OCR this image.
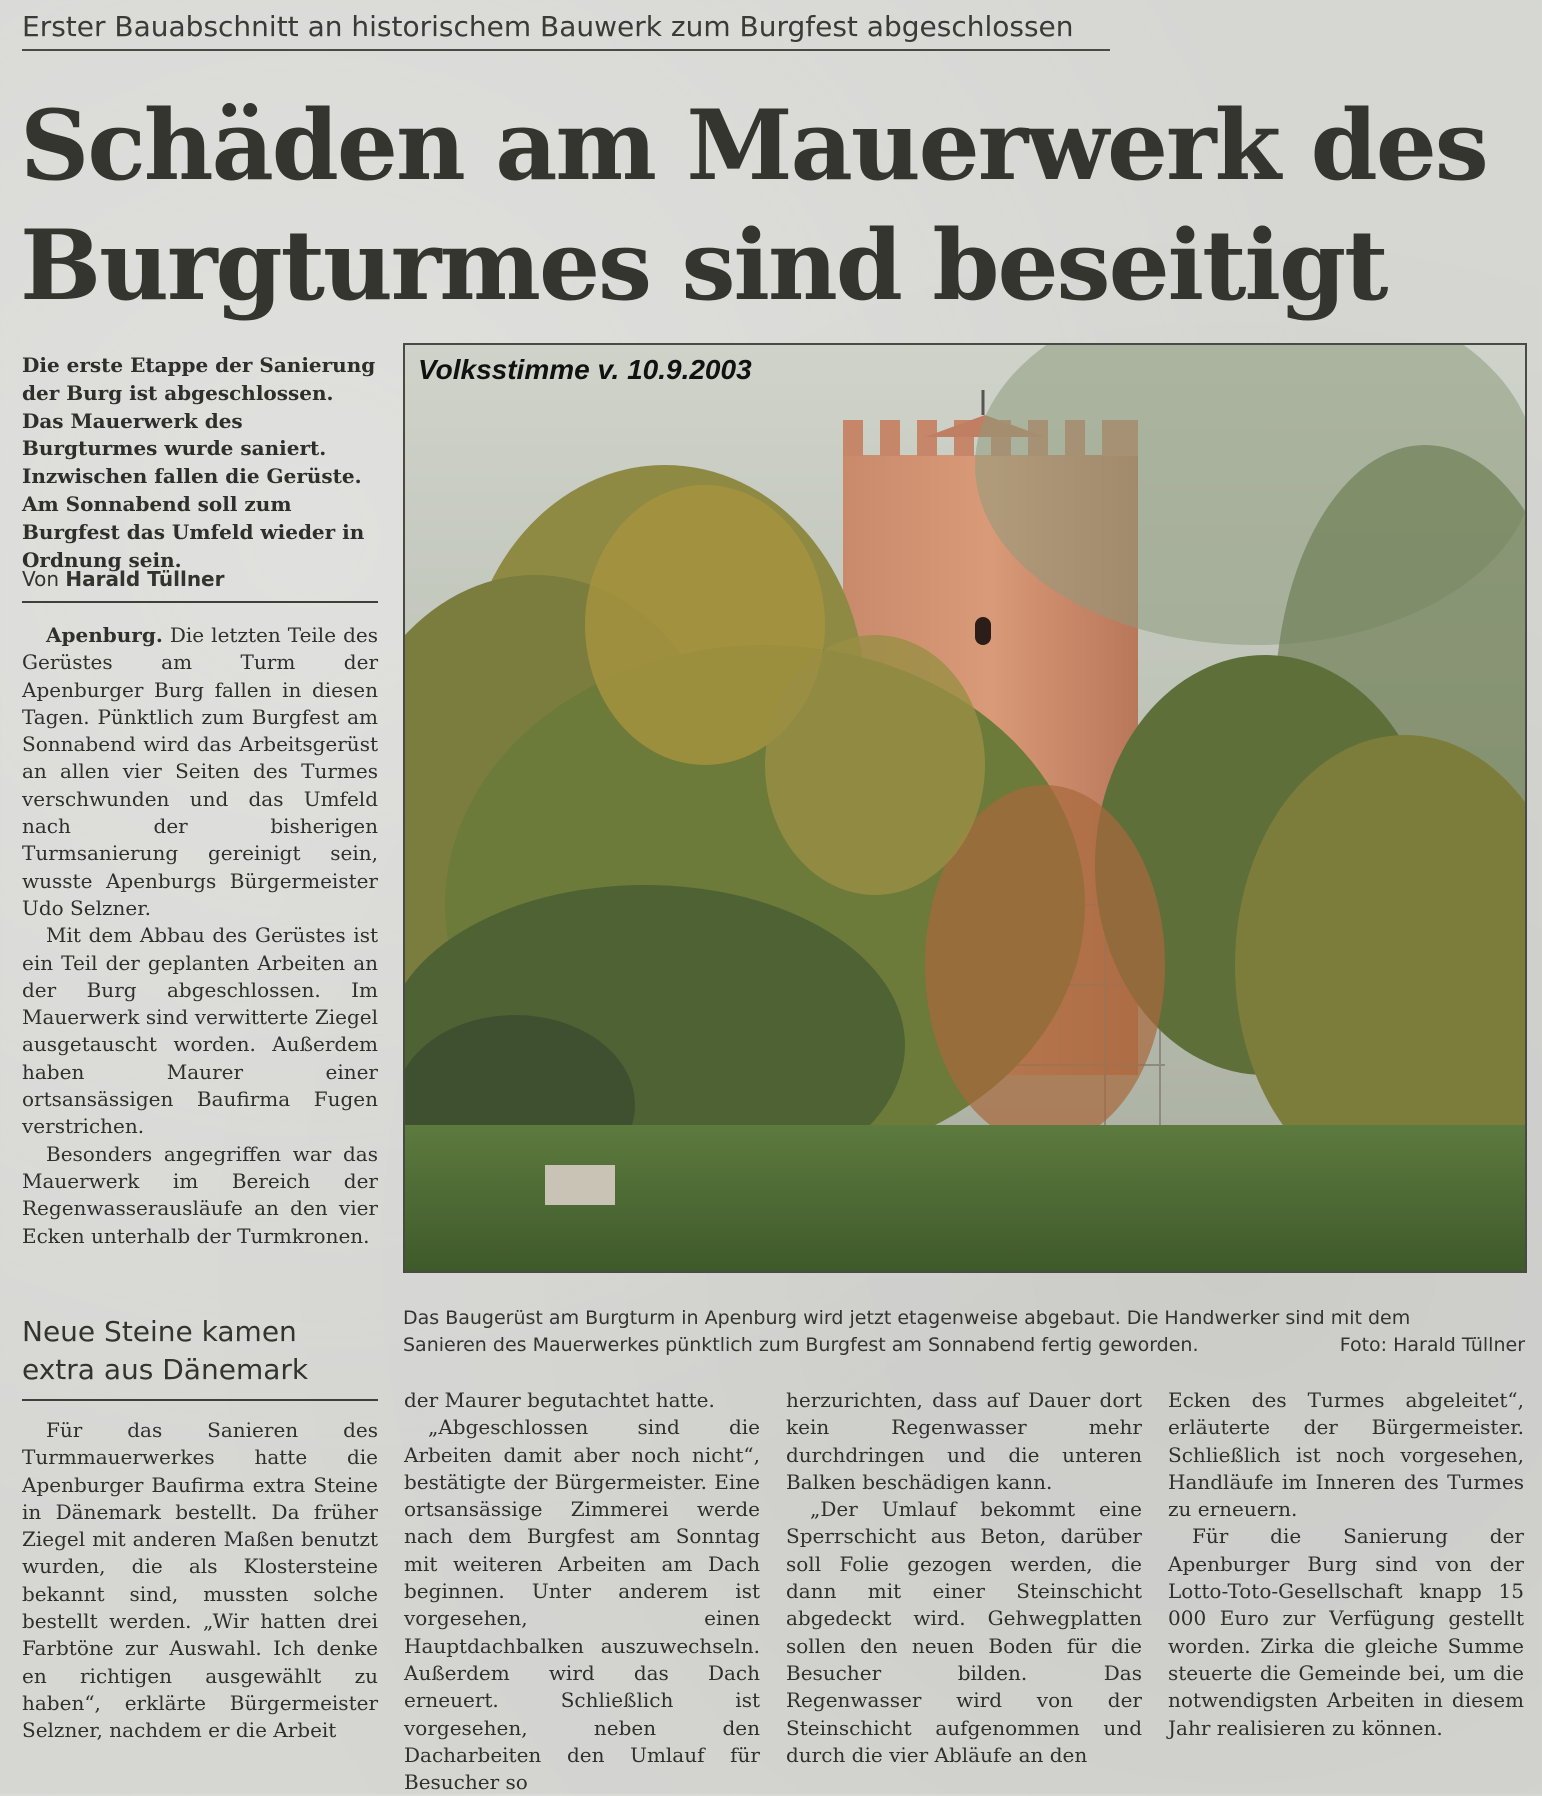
Erster Bauabschnitt an historischem Bauwerk zum Burgfest abgeschlossen
Schäden am Mauerwerk des
Burgturmes sind beseitigt
Die erste Etappe der Sanierung der Burg ist abgeschlossen. Das Mauerwerk des Burgturmes wurde saniert. Inzwischen fallen die Gerüste. Am Sonnabend soll zum Burgfest das Umfeld wieder in Ordnung sein.
Von Harald Tüllner

Apenburg. Die letzten Teile des Gerüstes am Turm der Apenburger Burg fallen in diesen Tagen. Pünktlich zum Burgfest am Sonnabend wird das Arbeitsgerüst an allen vier Seiten des Turmes verschwunden und das Umfeld nach der bisherigen Turmsanierung gereinigt sein, wusste Apenburgs Bürgermeister Udo Selzner.

Mit dem Abbau des Gerüstes ist ein Teil der geplanten Arbeiten an der Burg abgeschlossen. Im Mauerwerk sind verwitterte Ziegel ausgetauscht worden. Außerdem haben Maurer einer ortsansässigen Baufirma Fugen verstrichen.

Besonders angegriffen war das Mauerwerk im Bereich der Regenwasserausläufe an den vier Ecken unterhalb der Turmkronen.

Neue Steine kamen extra aus Dänemark

Für das Sanieren des Turmmauerwerkes hatte die Apenburger Baufirma extra Steine in Dänemark bestellt. Da früher Ziegel mit anderen Maßen benutzt wurden, die als Klostersteine bekannt sind, mussten solche bestellt werden. „Wir hatten drei Farbtöne zur Auswahl. Ich denke en richtigen ausgewählt zu haben“, erklärte Bürgermeister Selzner, nachdem er die Arbeit

der Maurer begutachtet hatte.

„Abgeschlossen sind die Arbeiten damit aber noch nicht“, bestätigte der Bürgermeister. Eine ortsansässige Zimmerei werde nach dem Burgfest am Sonntag mit weiteren Arbeiten am Dach beginnen. Unter anderem ist vorgesehen, einen Hauptdachbalken auszuwechseln. Außerdem wird das Dach erneuert. Schließlich ist vorgesehen, neben den Dacharbeiten den Umlauf für Besucher so

herzurichten, dass auf Dauer dort kein Regenwasser mehr durchdringen und die unteren Balken beschädigen kann.

„Der Umlauf bekommt eine Sperrschicht aus Beton, darüber soll Folie gezogen werden, die dann mit einer Steinschicht abgedeckt wird. Gehwegplatten sollen den neuen Boden für die Besucher bilden. Das Regenwasser wird von der Steinschicht aufgenommen und durch die vier Abläufe an den

Ecken des Turmes abgeleitet“, erläuterte der Bürgermeister. Schließlich ist noch vorgesehen, Handläufe im Inneren des Turmes zu erneuern.

Für die Sanierung der Apenburger Burg sind von der Lotto-Toto-Gesellschaft knapp 15 000 Euro zur Verfügung gestellt worden. Zirka die gleiche Summe steuerte die Gemeinde bei, um die notwendigsten Arbeiten in diesem Jahr realisieren zu können.

Volksstimme v. 10.9.2003
Das Baugerüst am Burgturm in Apenburg wird jetzt etagenweise abgebaut. Die Handwerker sind mit dem
Sanieren des Mauerwerkes pünktlich zum Burgfest am Sonnabend fertig geworden.	Foto: Harald Tüllner
